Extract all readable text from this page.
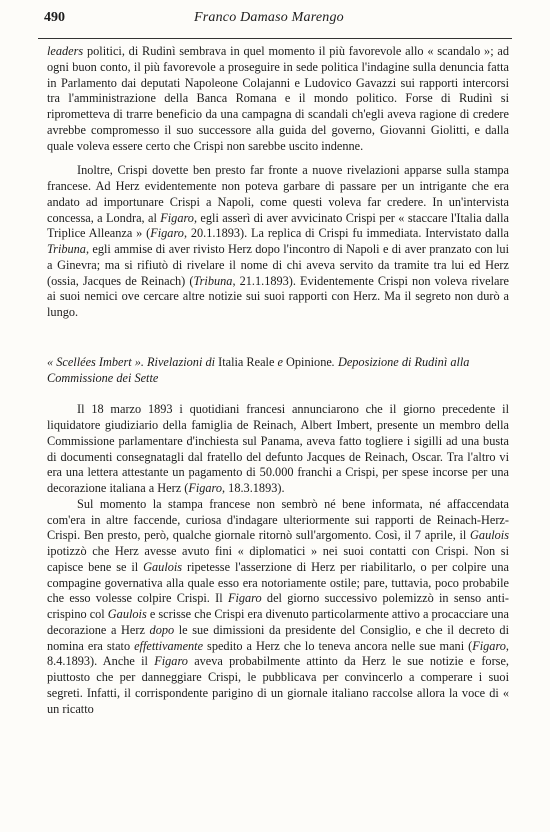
490	Franco Damaso Marengo

leaders politici, di Rudinì sembrava in quel momento il più favorevole allo « scandalo »; ad ogni buon conto, il più favorevole a proseguire in sede politica l'indagine sulla denuncia fatta in Parlamento dai deputati Napoleone Colajanni e Ludovico Gavazzi sui rapporti intercorsi tra l'amministrazione della Banca Romana e il mondo politico. Forse di Rudinì si riprometteva di trarre beneficio da una campagna di scandali ch'egli aveva ragione di credere avrebbe compromesso il suo successore alla guida del governo, Giovanni Giolitti, e dalla quale voleva essere certo che Crispi non sarebbe uscito indenne.

Inoltre, Crispi dovette ben presto far fronte a nuove rivelazioni apparse sulla stampa francese. Ad Herz evidentemente non poteva garbare di passare per un intrigante che era andato ad importunare Crispi a Napoli, come questi voleva far credere. In un'intervista concessa, a Londra, al Figaro, egli asserì di aver avvicinato Crispi per « staccare l'Italia dalla Triplice Alleanza » (Figaro, 20.1.1893). La replica di Crispi fu immediata. Intervistato dalla Tribuna, egli ammise di aver rivisto Herz dopo l'incontro di Napoli e di aver pranzato con lui a Ginevra; ma si rifiutò di rivelare il nome di chi aveva servito da tramite tra lui ed Herz (ossia, Jacques de Reinach) (Tribuna, 21.1.1893). Evidentemente Crispi non voleva rivelare ai suoi nemici ove cercare altre notizie sui suoi rapporti con Herz. Ma il segreto non durò a lungo.

« Scellées Imbert ». Rivelazioni di Italia Reale e Opinione. Deposizione di Rudinì alla Commissione dei Sette

Il 18 marzo 1893 i quotidiani francesi annunciarono che il giorno precedente il liquidatore giudiziario della famiglia de Reinach, Albert Imbert, presente un membro della Commissione parlamentare d'inchiesta sul Panama, aveva fatto togliere i sigilli ad una busta di documenti consegnatagli dal fratello del defunto Jacques de Reinach, Oscar. Tra l'altro vi era una lettera attestante un pagamento di 50.000 franchi a Crispi, per spese incorse per una decorazione italiana a Herz (Figaro, 18.3.1893).

Sul momento la stampa francese non sembrò né bene informata, né affaccendata com'era in altre faccende, curiosa d'indagare ulteriormente sui rapporti de Reinach-Herz-Crispi. Ben presto, però, qualche giornale ritornò sull'argomento. Così, il 7 aprile, il Gaulois ipotizzò che Herz avesse avuto fini « diplomatici » nei suoi contatti con Crispi. Non si capisce bene se il Gaulois ripetesse l'asserzione di Herz per riabilitarlo, o per colpire una compagine governativa alla quale esso era notoriamente ostile; pare, tuttavia, poco probabile che esso volesse colpire Crispi. Il Figaro del giorno successivo polemizzò in senso anti-crispino col Gaulois e scrisse che Crispi era divenuto particolarmente attivo a procacciare una decorazione a Herz dopo le sue dimissioni da presidente del Consiglio, e che il decreto di nomina era stato effettivamente spedito a Herz che lo teneva ancora nelle sue mani (Figaro, 8.4.1893). Anche il Figaro aveva probabilmente attinto da Herz le sue notizie e forse, piuttosto che per danneggiare Crispi, le pubblicava per convincerlo a comperare i suoi segreti. Infatti, il corrispondente parigino di un giornale italiano raccolse allora la voce di « un ricatto
